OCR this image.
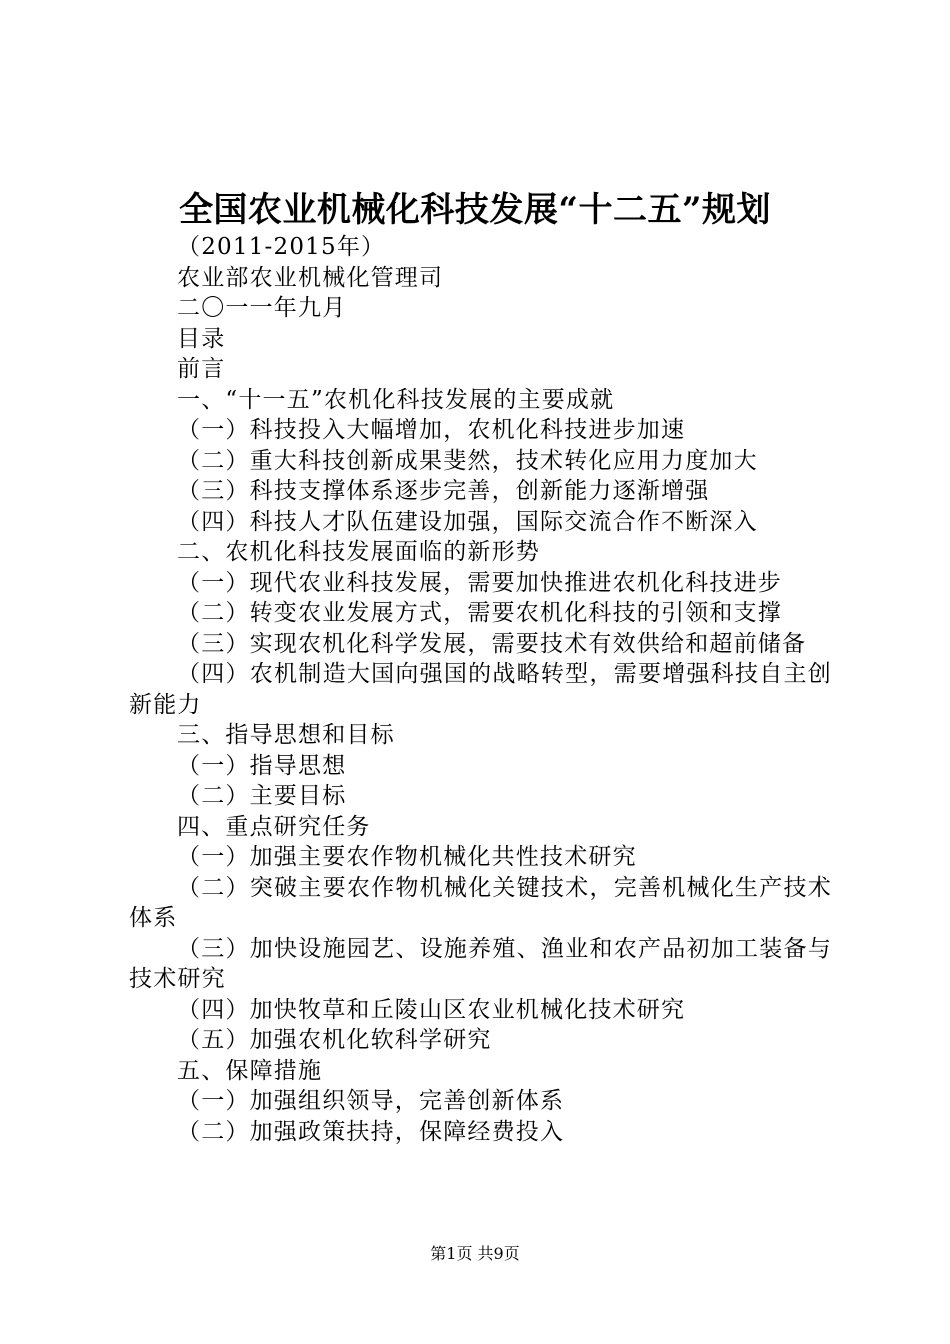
全国农业机械化科技发展“十二五”规划
（2011-2015年）
农业部农业机械化管理司
二〇一一年九月
目录
前言
一、“十一五”农机化科技发展的主要成就
（一）科技投入大幅增加，农机化科技进步加速
（二）重大科技创新成果斐然，技术转化应用力度加大
（三）科技支撑体系逐步完善，创新能力逐渐增强
（四）科技人才队伍建设加强，国际交流合作不断深入
二、农机化科技发展面临的新形势
（一）现代农业科技发展，需要加快推进农机化科技进步
（二）转变农业发展方式，需要农机化科技的引领和支撑
（三）实现农机化科学发展，需要技术有效供给和超前储备
（四）农机制造大国向强国的战略转型，需要增强科技自主创新能力
三、指导思想和目标
（一）指导思想
（二）主要目标
四、重点研究任务
（一）加强主要农作物机械化共性技术研究
（二）突破主要农作物机械化关键技术，完善机械化生产技术体系
（三）加快设施园艺、设施养殖、渔业和农产品初加工装备与技术研究
（四）加快牧草和丘陵山区农业机械化技术研究
（五）加强农机化软科学研究
五、保障措施
（一）加强组织领导，完善创新体系
（二）加强政策扶持，保障经费投入
第1页 共9页
